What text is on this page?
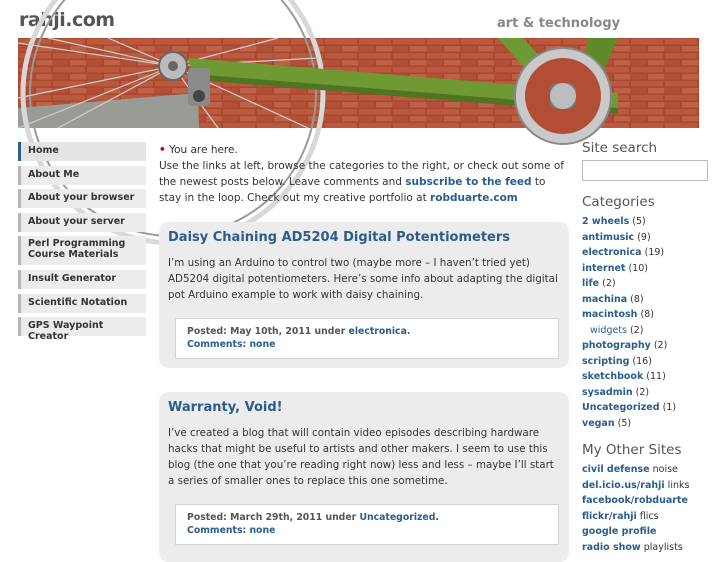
rahji.com	art & technology
Home
About Me
About your browser
About your server
Perl Programming Course Materials
Insult Generator
Scientific Notation
GPS Waypoint Creator

• You are here.
Use the links at left, browse the categories to the right, or check out some of the newest posts below. Leave comments and subscribe to the feed to stay in the loop. Check out my creative portfolio at robduarte.com

Daisy Chaining AD5204 Digital Potentiometers
I’m using an Arduino to control two (maybe more – I haven’t tried yet) AD5204 digital potentiometers. Here’s some info about adapting the digital pot Arduino example to work with daisy chaining.
Posted: May 10th, 2011 under electronica.
Comments: none
Warranty, Void!
I’ve created a blog that will contain video episodes describing hardware hacks that might be useful to artists and other makers. I seem to use this blog (the one that you’re reading right now) less and less – maybe I’ll start a series of smaller ones to replace this one sometime.
Posted: March 29th, 2011 under Uncategorized.
Comments: none
Site search
Categories
2 wheels (5)
antimusic (9)
electronica (19)
internet (10)
life (2)
machina (8)
macintosh (8)
widgets (2)
photography (2)
scripting (16)
sketchbook (11)
sysadmin (2)
Uncategorized (1)
vegan (5)
My Other Sites
civil defense noise
del.icio.us/rahji links
facebook/robduarte
flickr/rahji flics
google profile
radio show playlists
